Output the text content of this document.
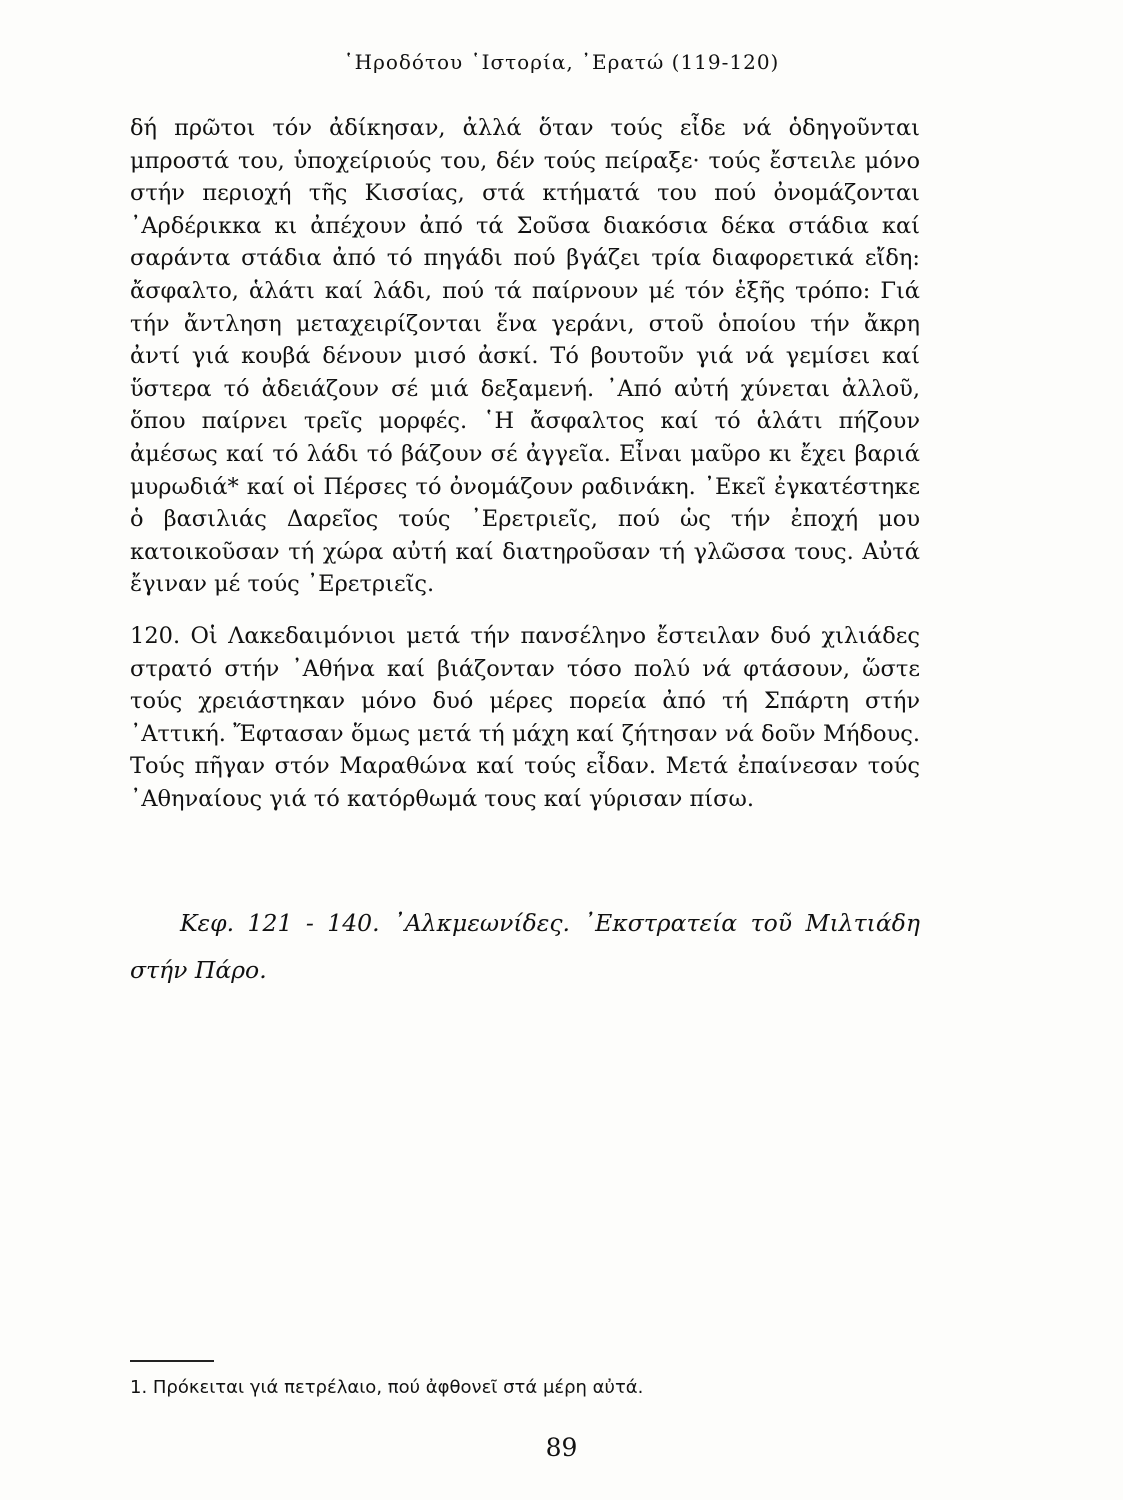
῾Ηροδότου ῾Ιστορία, ᾿Ερατώ (119-120)

δή πρῶτοι τόν ἀδίκησαν, ἀλλά ὅταν τούς εἶδε νά ὁδηγοῦνται μπροστά του, ὑποχείριούς του, δέν τούς πείραξε· τούς ἔστειλε μόνο στήν περιοχή τῆς Κισσίας, στά κτήματά του πού ὀνομάζονται ᾿Αρδέρικκα κι ἀπέχουν ἀπό τά Σοῦσα διακόσια δέκα στάδια καί σαράντα στάδια ἀπό τό πηγάδι πού βγάζει τρία διαφορετικά εἴδη: ἄσφαλτο, ἁλάτι καί λάδι, πού τά παίρνουν μέ τόν ἑξῆς τρόπο: Γιά τήν ἄντληση μεταχειρίζονται ἕνα γεράνι, στοῦ ὁποίου τήν ἄκρη ἀντί γιά κουβά δένουν μισό ἀσκί. Τό βουτοῦν γιά νά γεμίσει καί ὕστερα τό ἀδειάζουν σέ μιά δεξαμενή. ᾿Από αὐτή χύνεται ἀλλοῦ, ὅπου παίρνει τρεῖς μορφές. ῾Η ἄσφαλτος καί τό ἁλάτι πήζουν ἀμέσως καί τό λάδι τό βάζουν σέ ἀγγεῖα. Εἶναι μαῦρο κι ἔχει βαριά μυρωδιά* καί οἱ Πέρσες τό ὀνομάζουν ραδινάκη. ᾿Εκεῖ ἐγκατέστηκε ὁ βασιλιάς Δαρεῖος τούς ᾿Ερετριεῖς, πού ὡς τήν ἐποχή μου κατοικοῦσαν τή χώρα αὐτή καί διατηροῦσαν τή γλῶσσα τους. Αὐτά ἔγιναν μέ τούς ᾿Ερετριεῖς.

120. Οἱ Λακεδαιμόνιοι μετά τήν πανσέληνο ἔστειλαν δυό χιλιάδες στρατό στήν ᾿Αθήνα καί βιάζονταν τόσο πολύ νά φτάσουν, ὥστε τούς χρειάστηκαν μόνο δυό μέρες πορεία ἀπό τή Σπάρτη στήν ᾿Αττική. Ἔφτασαν ὅμως μετά τή μάχη καί ζήτησαν νά δοῦν Μήδους. Τούς πῆγαν στόν Μαραθώνα καί τούς εἶδαν. Μετά ἐπαίνεσαν τούς ᾿Αθηναίους γιά τό κατόρθωμά τους καί γύρισαν πίσω.

Κεφ. 121 - 140. ᾿Αλκμεωνίδες. ᾿Εκστρατεία τοῦ Μιλτιάδη στήν Πάρο.

1. Πρόκειται γιά πετρέλαιο, πού ἀφθονεῖ στά μέρη αὐτά.

89
